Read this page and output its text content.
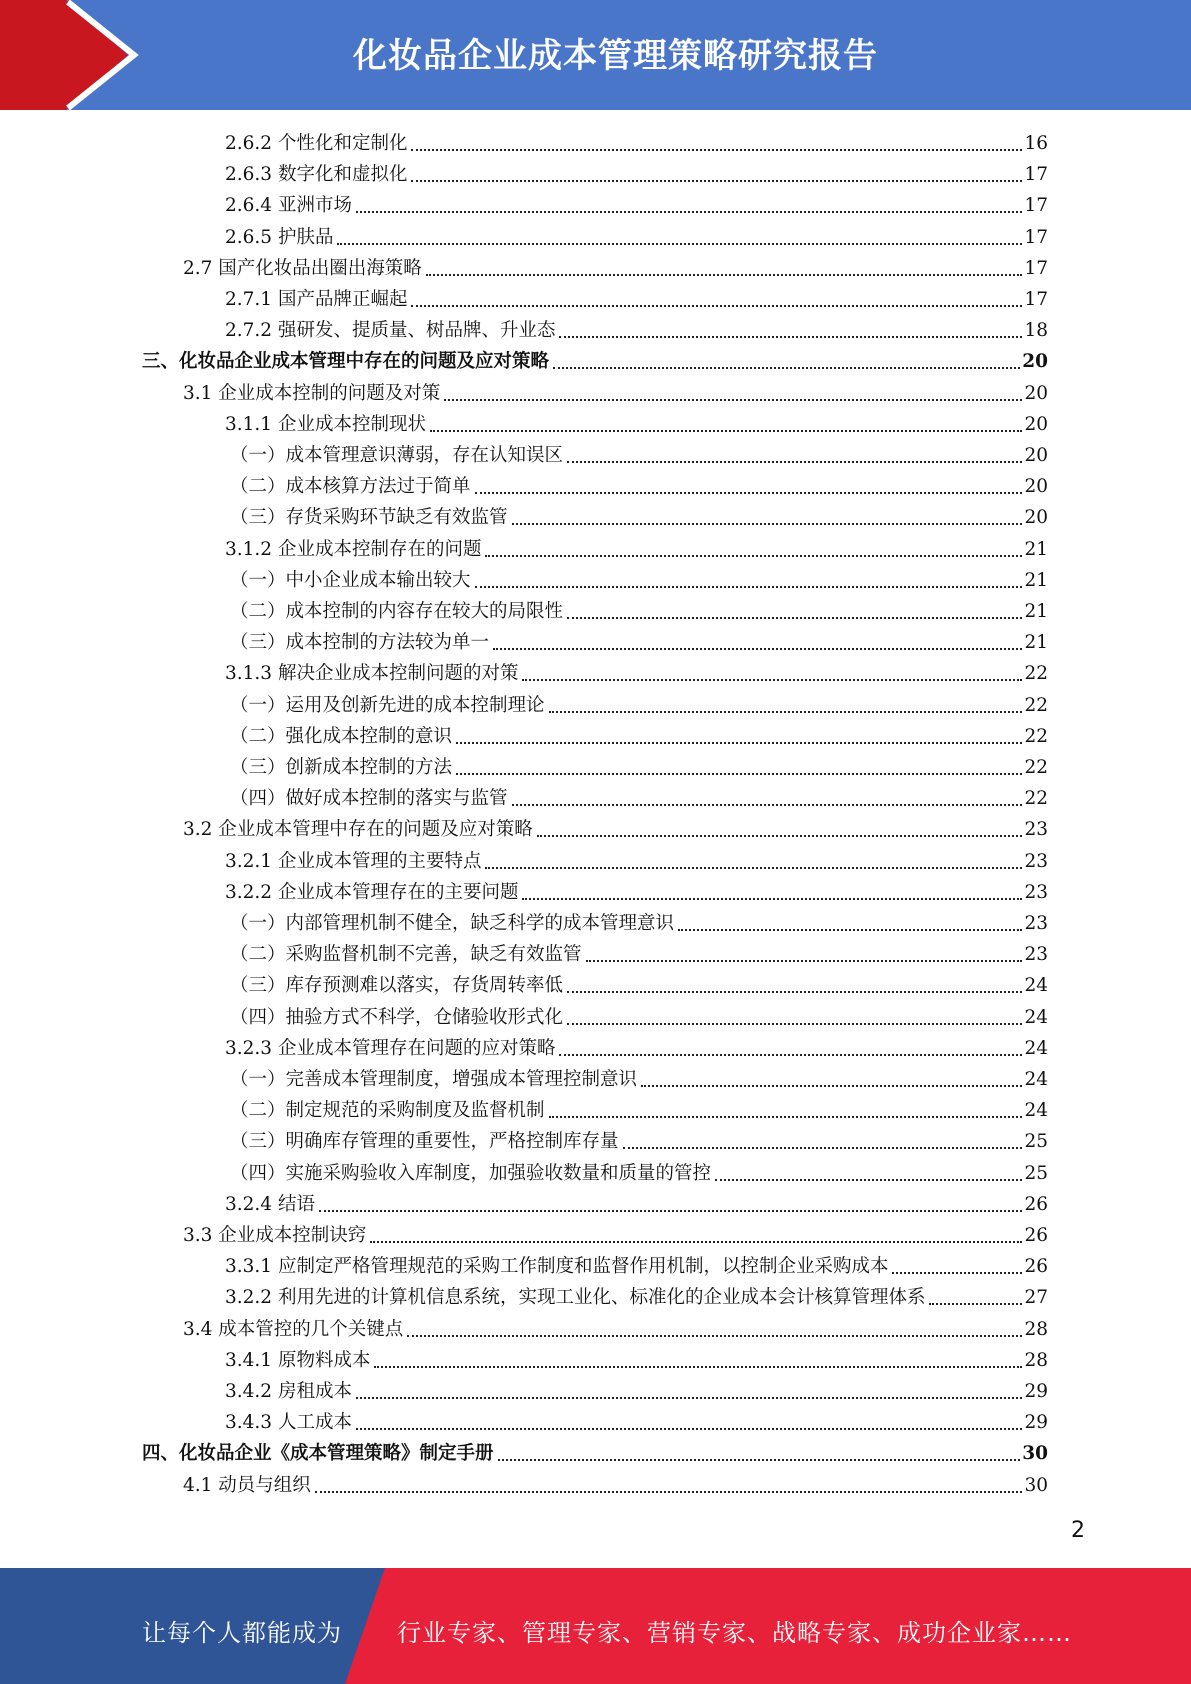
化妆品企业成本管理策略研究报告
2.6.2 个性化和定制化	16
2.6.3 数字化和虚拟化	17
2.6.4 亚洲市场	17
2.6.5 护肤品	17
2.7 国产化妆品出圈出海策略	17
2.7.1 国产品牌正崛起	17
2.7.2 强研发、提质量、树品牌、升业态	18
三、化妆品企业成本管理中存在的问题及应对策略	20
3.1 企业成本控制的问题及对策	20
3.1.1 企业成本控制现状	20
（一）成本管理意识薄弱，存在认知误区	20
（二）成本核算方法过于简单	20
（三）存货采购环节缺乏有效监管	20
3.1.2 企业成本控制存在的问题	21
（一）中小企业成本输出较大	21
（二）成本控制的内容存在较大的局限性	21
（三）成本控制的方法较为单一	21
3.1.3 解决企业成本控制问题的对策	22
（一）运用及创新先进的成本控制理论	22
（二）强化成本控制的意识	22
（三）创新成本控制的方法	22
（四）做好成本控制的落实与监管	22
3.2 企业成本管理中存在的问题及应对策略	23
3.2.1 企业成本管理的主要特点	23
3.2.2 企业成本管理存在的主要问题	23
（一）内部管理机制不健全，缺乏科学的成本管理意识	23
（二）采购监督机制不完善，缺乏有效监管	23
（三）库存预测难以落实，存货周转率低	24
（四）抽验方式不科学，仓储验收形式化	24
3.2.3 企业成本管理存在问题的应对策略	24
（一）完善成本管理制度，增强成本管理控制意识	24
（二）制定规范的采购制度及监督机制	24
（三）明确库存管理的重要性，严格控制库存量	25
（四）实施采购验收入库制度，加强验收数量和质量的管控	25
3.2.4 结语	26
3.3 企业成本控制诀窍	26
3.3.1 应制定严格管理规范的采购工作制度和监督作用机制，以控制企业采购成本	26
3.2.2 利用先进的计算机信息系统，实现工业化、标准化的企业成本会计核算管理体系	27
3.4 成本管控的几个关键点	28
3.4.1 原物料成本	28
3.4.2 房租成本	29
3.4.3 人工成本	29
四、化妆品企业《成本管理策略》制定手册	30
4.1 动员与组织	30
2
让每个人都能成为 行业专家、管理专家、营销专家、战略专家、成功企业家……
